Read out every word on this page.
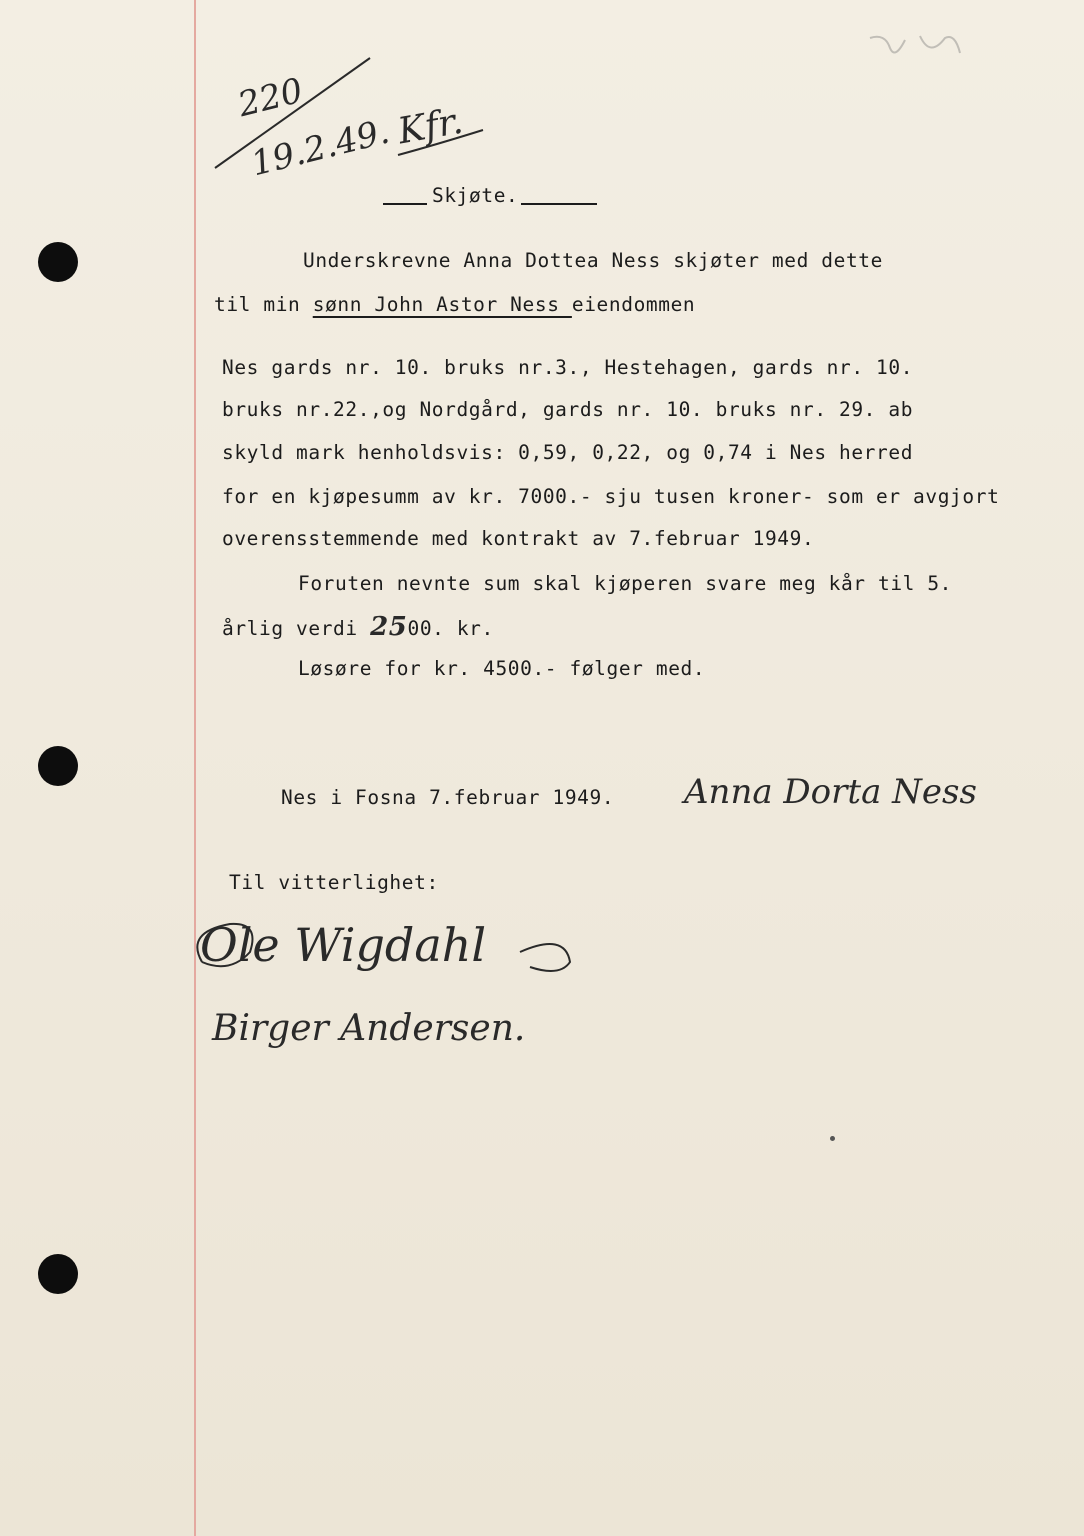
220
19.2.49. Kfr.
Skjøte.
Underskrevne Anna Dottea Ness skjøter med dette
til min sønn John Astor Ness eiendommen
Nes gards nr. 10. bruks nr.3., Hestehagen, gards nr. 10.
bruks nr.22.,og Nordgård, gards nr. 10. bruks nr. 29. ab
skyld mark henholdsvis: 0,59, 0,22, og 0,74 i Nes herred
for en kjøpesumm av kr. 7000.- sju tusen kroner- som er avgjort
overensstemmende med kontrakt av 7.februar 1949.
Foruten nevnte sum skal kjøperen svare meg kår til 5.
årlig verdi 2500. kr.
Løsøre for kr. 4500.- følger med.
Nes i Fosna 7.februar 1949. Anna Dorta Ness
Til vitterlighet:
Ole Wigdahl
Birger Andersen.
